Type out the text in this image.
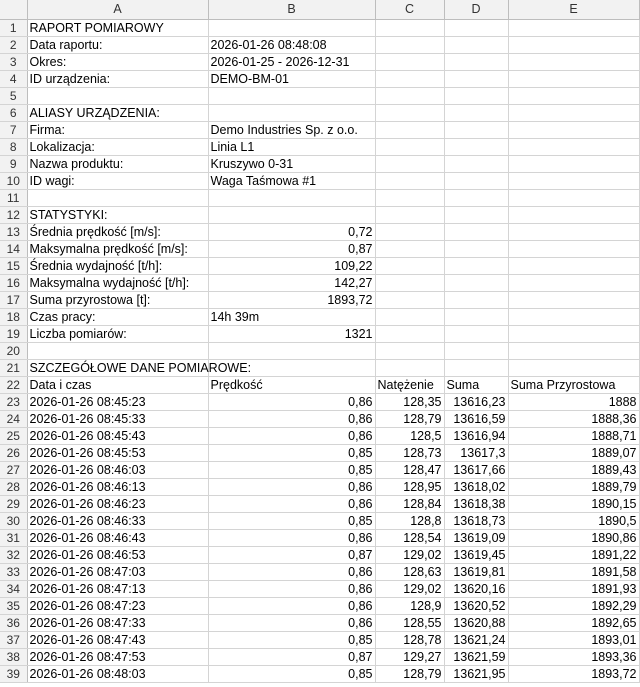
	A	B	C	D	E
1	RAPORT POMIAROWY				
2	Data raportu:	2026-01-26 08:48:08			
3	Okres:	2026-01-25 - 2026-12-31			
4	ID urządzenia:	DEMO-BM-01			
5					
6	ALIASY URZĄDZENIA:				
7	Firma:	Demo Industries Sp. z o.o.			
8	Lokalizacja:	Linia L1			
9	Nazwa produktu:	Kruszywo 0-31			
10	ID wagi:	Waga Taśmowa #1			
11					
12	STATYSTYKI:				
13	Średnia prędkość [m/s]:	0,72			
14	Maksymalna prędkość [m/s]:	0,87			
15	Średnia wydajność [t/h]:	109,22			
16	Maksymalna wydajność [t/h]:	142,27			
17	Suma przyrostowa [t]:	1893,72			
18	Czas pracy:	14h 39m			
19	Liczba pomiarów:	1321			
20					
21	SZCZEGÓŁOWE DANE POMIAROWE:				
22	Data i czas	Prędkość	Natężenie	Suma	Suma Przyrostowa
23	2026-01-26 08:45:23	0,86	128,35	13616,23	1888
24	2026-01-26 08:45:33	0,86	128,79	13616,59	1888,36
25	2026-01-26 08:45:43	0,86	128,5	13616,94	1888,71
26	2026-01-26 08:45:53	0,85	128,73	13617,3	1889,07
27	2026-01-26 08:46:03	0,85	128,47	13617,66	1889,43
28	2026-01-26 08:46:13	0,86	128,95	13618,02	1889,79
29	2026-01-26 08:46:23	0,86	128,84	13618,38	1890,15
30	2026-01-26 08:46:33	0,85	128,8	13618,73	1890,5
31	2026-01-26 08:46:43	0,86	128,54	13619,09	1890,86
32	2026-01-26 08:46:53	0,87	129,02	13619,45	1891,22
33	2026-01-26 08:47:03	0,86	128,63	13619,81	1891,58
34	2026-01-26 08:47:13	0,86	129,02	13620,16	1891,93
35	2026-01-26 08:47:23	0,86	128,9	13620,52	1892,29
36	2026-01-26 08:47:33	0,86	128,55	13620,88	1892,65
37	2026-01-26 08:47:43	0,85	128,78	13621,24	1893,01
38	2026-01-26 08:47:53	0,87	129,27	13621,59	1893,36
39	2026-01-26 08:48:03	0,85	128,79	13621,95	1893,72
